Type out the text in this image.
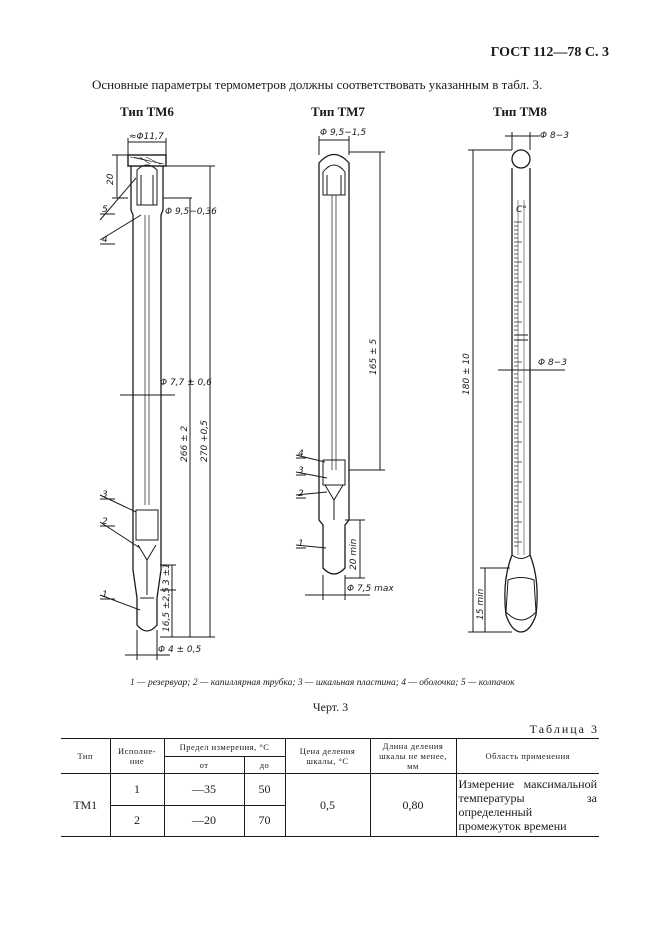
ГОСТ 112—78 С. 3
Основные параметры термометров должны соответствовать указанным в табл. 3.
Тип ТМ6	Тип ТМ7	Тип ТМ8
≈Φ11,7
20
Φ 9,5−0,36
Φ 7,7 ± 0,6
266 ± 2 270 +0,5
3 ±1
16,5 ±2,5
Φ 4 ± 0,5
5
4
3
2
1
Φ 9,5−1,5
165 ± 5
20 min
Φ 7,5 max
4
3
2
1
Φ 8−3
C°
Φ 8−3
180 ± 10
15 min
1 — резервуар; 2 — капиллярная трубка; 3 — шкальная пластина; 4 — оболочка; 5 — колпачок
Черт. 3
Таблица 3
Тип	Исполне-ние	Предел измерения, °С		Цена деления шкалы, °С	Длина деления шкалы не менее, мм	Область применения
		от	до			
ТМ1	1	—35	50	0,5	0,80	Измерение максимальной температуры за определенный промежуток времени
	2	—20	70			
